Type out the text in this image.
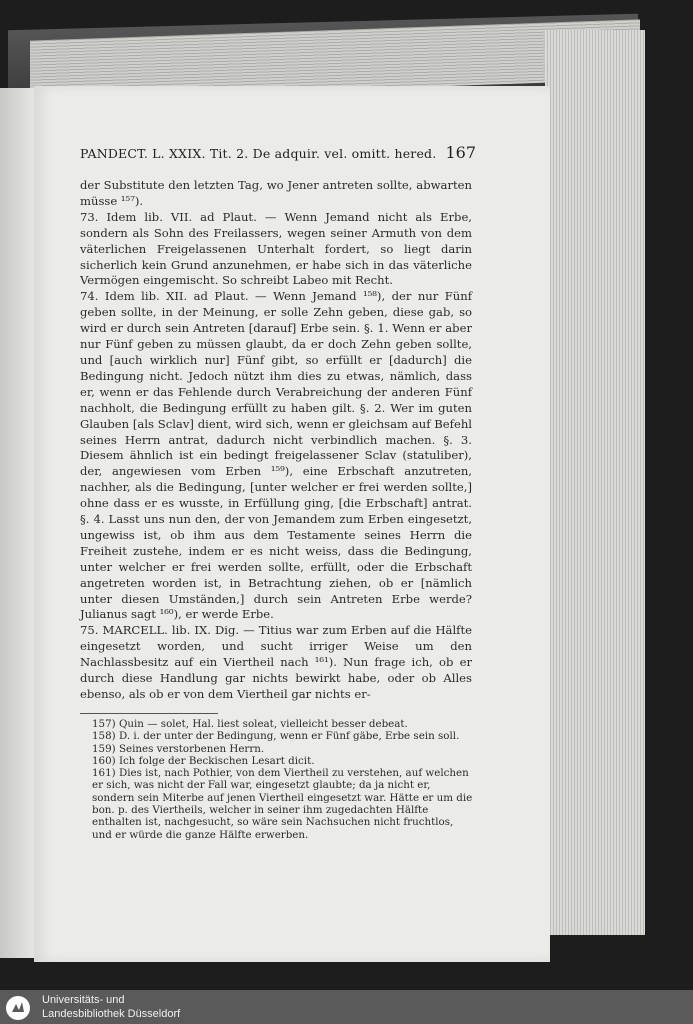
PANDECT. L. XXIX. Tit. 2. De adquir. vel. omitt. hered. 167

der Substitute den letzten Tag, wo Jener antreten sollte, abwarten müsse ¹⁵⁷).

73. Idem lib. VII. ad Plaut. — Wenn Jemand nicht als Erbe, sondern als Sohn des Freilassers, wegen seiner Armuth von dem väterlichen Freigelassenen Unterhalt fordert, so liegt darin sicherlich kein Grund anzunehmen, er habe sich in das väterliche Vermögen eingemischt. So schreibt Labeo mit Recht.

74. Idem lib. XII. ad Plaut. — Wenn Jemand ¹⁵⁸), der nur Fünf geben sollte, in der Meinung, er solle Zehn geben, diese gab, so wird er durch sein Antreten [darauf] Erbe sein. §. 1. Wenn er aber nur Fünf geben zu müssen glaubt, da er doch Zehn geben sollte, und [auch wirklich nur] Fünf gibt, so erfüllt er [dadurch] die Bedingung nicht. Jedoch nützt ihm dies zu etwas, nämlich, dass er, wenn er das Fehlende durch Verabreichung der anderen Fünf nachholt, die Bedingung erfüllt zu haben gilt. §. 2. Wer im guten Glauben [als Sclav] dient, wird sich, wenn er gleichsam auf Befehl seines Herrn antrat, dadurch nicht verbindlich machen. §. 3. Diesem ähnlich ist ein bedingt freigelassener Sclav (statuliber), der, angewiesen vom Erben ¹⁵⁹), eine Erbschaft anzutreten, nachher, als die Bedingung, [unter welcher er frei werden sollte,] ohne dass er es wusste, in Erfüllung ging, [die Erbschaft] antrat. §. 4. Lasst uns nun den, der von Jemandem zum Erben eingesetzt, ungewiss ist, ob ihm aus dem Testamente seines Herrn die Freiheit zustehe, indem er es nicht weiss, dass die Bedingung, unter welcher er frei werden sollte, erfüllt, oder die Erbschaft angetreten worden ist, in Betrachtung ziehen, ob er [nämlich unter diesen Umständen,] durch sein Antreten Erbe werde? Julianus sagt ¹⁶⁰), er werde Erbe.

75. MARCELL. lib. IX. Dig. — Titius war zum Erben auf die Hälfte eingesetzt worden, und sucht irriger Weise um den Nachlassbesitz auf ein Viertheil nach ¹⁶¹). Nun frage ich, ob er durch diese Handlung gar nichts bewirkt habe, oder ob Alles ebenso, als ob er von dem Viertheil gar nichts er-

157) Quin — solet, Hal. liest soleat, vielleicht besser debeat.

158) D. i. der unter der Bedingung, wenn er Fünf gäbe, Erbe sein soll.

159) Seines verstorbenen Herrn.

160) Ich folge der Beckischen Lesart dicit.

161) Dies ist, nach Pothier, von dem Viertheil zu verstehen, auf welchen er sich, was nicht der Fall war, eingesetzt glaubte; da ja nicht er, sondern sein Miterbe auf jenen Viertheil eingesetzt war. Hätte er um die bon. p. des Viertheils, welcher in seiner ihm zugedachten Hälfte enthalten ist, nachgesucht, so wäre sein Nachsuchen nicht fruchtlos, und er würde die ganze Hälfte erwerben.

Universitäts- und
Landesbibliothek Düsseldorf
